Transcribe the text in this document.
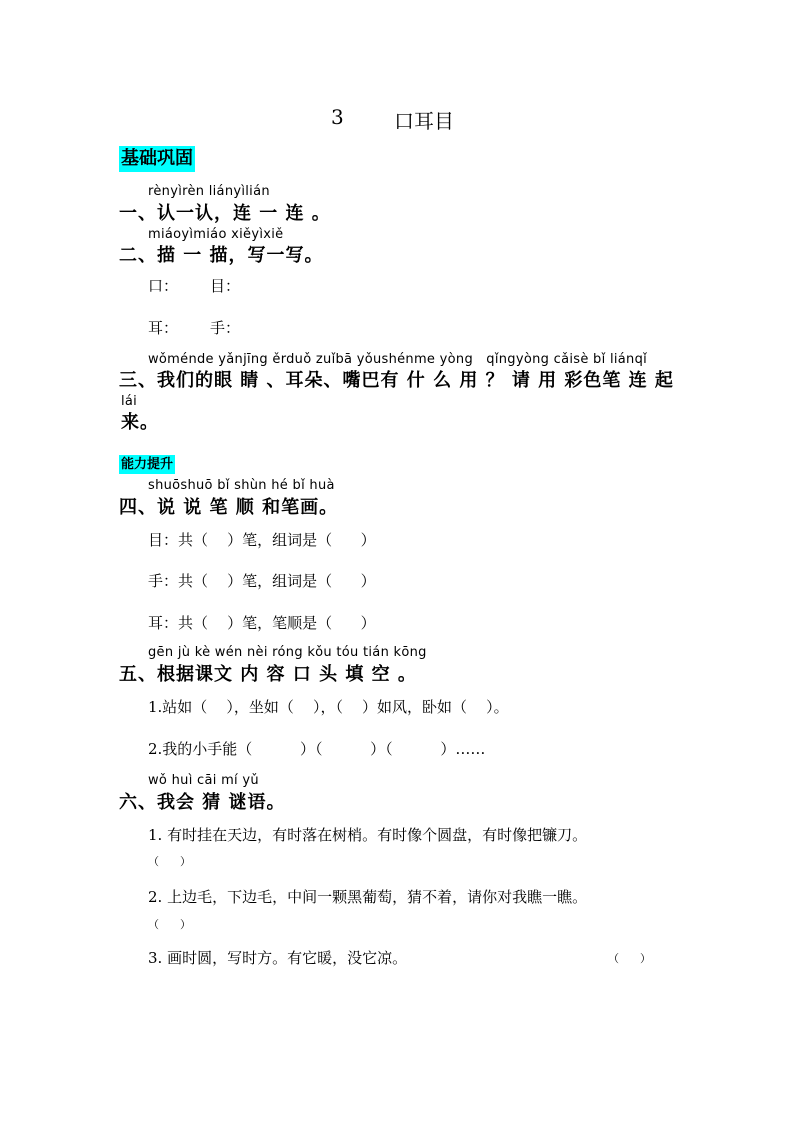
3	口耳目
基础巩固
rènyìrèn liányìlián
一、认一认，连 一 连 。
miáoyìmiáo xiěyìxiě
二、描 一 描，写一写。
口： 目：
耳： 手：
wǒménde yǎnjīng ěrduǒ zuǐbā yǒushénme yòng   qǐngyòng cǎisè bǐ liánqǐ
三、我们的眼 睛 、耳朵、嘴巴有 什 么 用 ？ 请 用 彩色笔 连 起
lái
来。
能力提升
shuōshuō bǐ shùn hé bǐ huà
四、说 说 笔 顺 和笔画。
目：共（    ）笔，组词是（      ）
手：共（    ）笔，组词是（      ）
耳：共（    ）笔，笔顺是（      ）
gēn jù kè wén nèi róng kǒu tóu tián kōng
五、根据课文 内 容 口 头 填 空 。
1.站如（    ），坐如（    ），（    ）如风，卧如（    ）。
2.我的小手能（          ）（          ）（          ）……
wǒ huì cāi mí yǔ
六、我会 猜 谜语。
1. 有时挂在天边，有时落在树梢。有时像个圆盘，有时像把镰刀。
（      ）
2. 上边毛，下边毛，中间一颗黑葡萄，猜不着，请你对我瞧一瞧。
（      ）
3. 画时圆，写时方。有它暖，没它凉。	（      ）
